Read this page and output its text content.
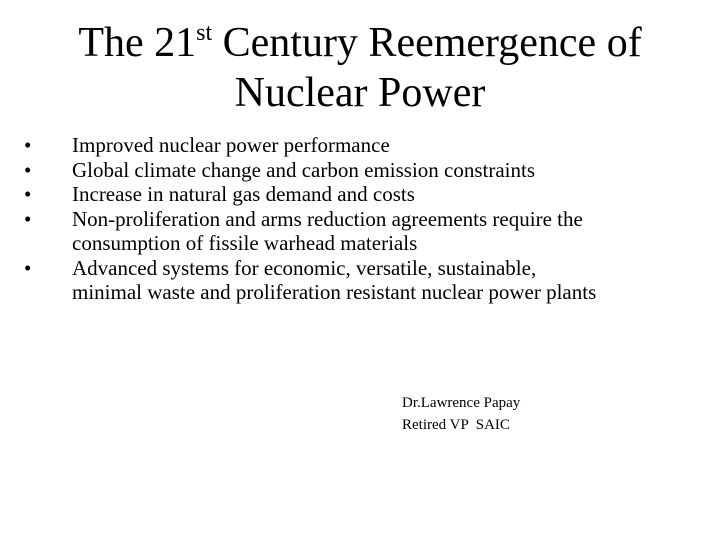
The 21st Century Reemergence of
Nuclear Power
•	Improved nuclear power performance
•	Global climate change and carbon emission constraints
•	Increase in natural gas demand and costs
•	Non-proliferation and arms reduction agreements require the
consumption of fissile warhead materials
•	Advanced systems for economic, versatile, sustainable,
minimal waste and proliferation resistant nuclear power plants
Dr.Lawrence Papay
Retired VP  SAIC
